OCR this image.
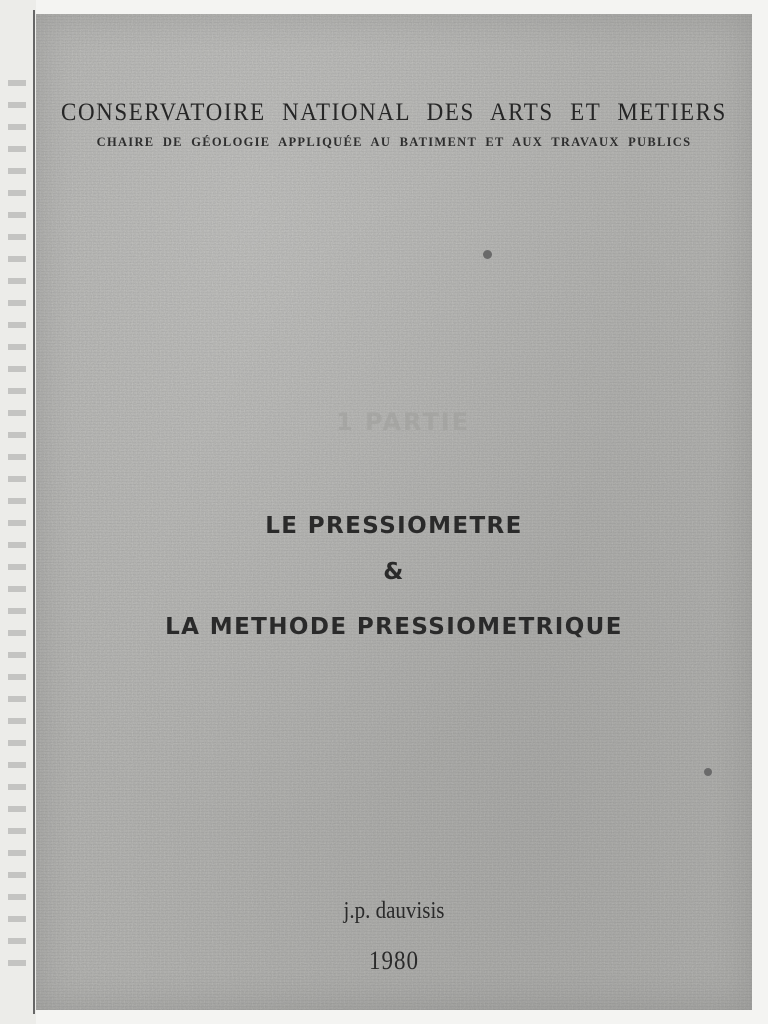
CONSERVATOIRE NATIONAL DES ARTS ET METIERS
CHAIRE DE GÉOLOGIE APPLIQUÉE AU BATIMENT ET AUX TRAVAUX PUBLICS
1 PARTIE
LE PRESSIOMETRE
&
LA METHODE PRESSIOMETRIQUE
j.p. dauvisis
1980
